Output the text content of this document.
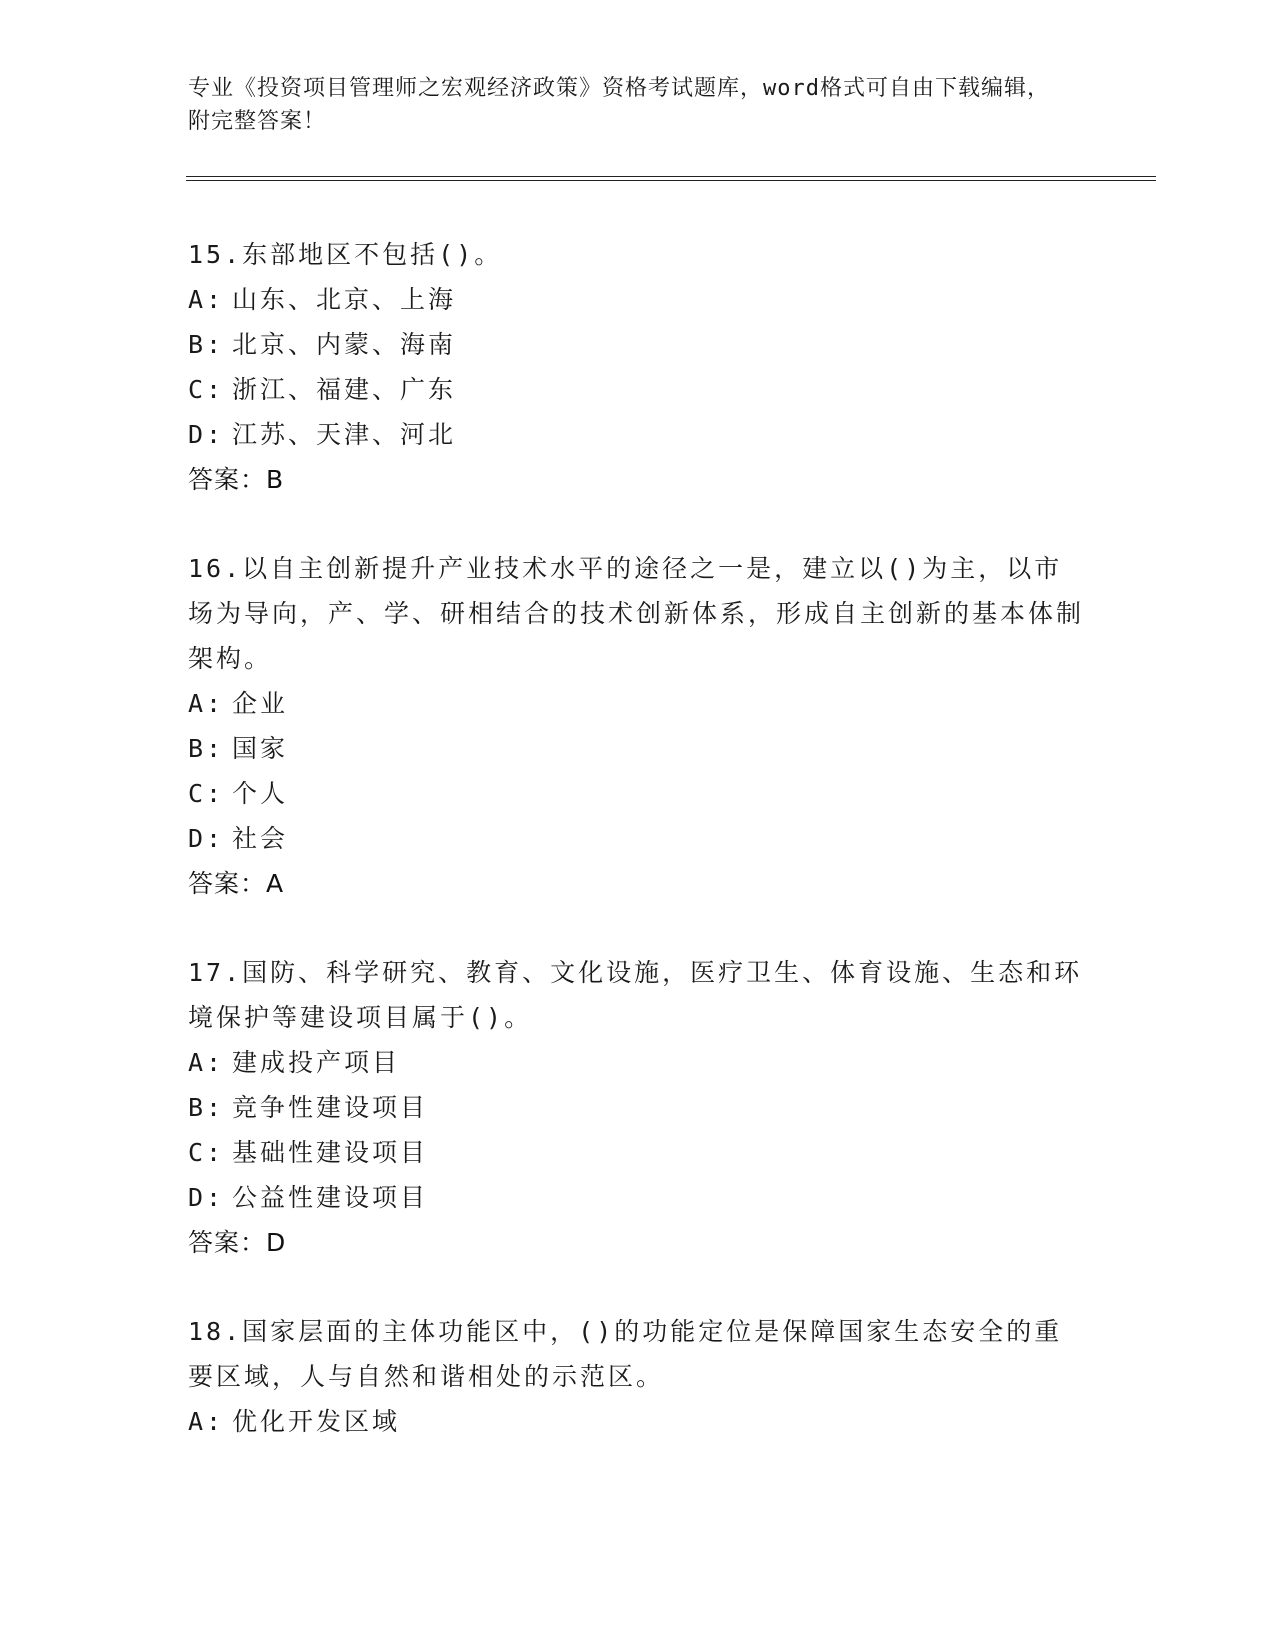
专业《投资项目管理师之宏观经济政策》资格考试题库，word格式可自由下载编辑，附完整答案！
15.东部地区不包括()。
A: 山东、北京、上海
B: 北京、内蒙、海南
C: 浙江、福建、广东
D: 江苏、天津、河北
答案：B
16.以自主创新提升产业技术水平的途径之一是，建立以()为主，以市场为导向，产、学、研相结合的技术创新体系，形成自主创新的基本体制架构。
A: 企业
B: 国家
C: 个人
D: 社会
答案：A
17.国防、科学研究、教育、文化设施，医疗卫生、体育设施、生态和环境保护等建设项目属于()。
A: 建成投产项目
B: 竞争性建设项目
C: 基础性建设项目
D: 公益性建设项目
答案：D
18.国家层面的主体功能区中，()的功能定位是保障国家生态安全的重要区域，人与自然和谐相处的示范区。
A: 优化开发区域
